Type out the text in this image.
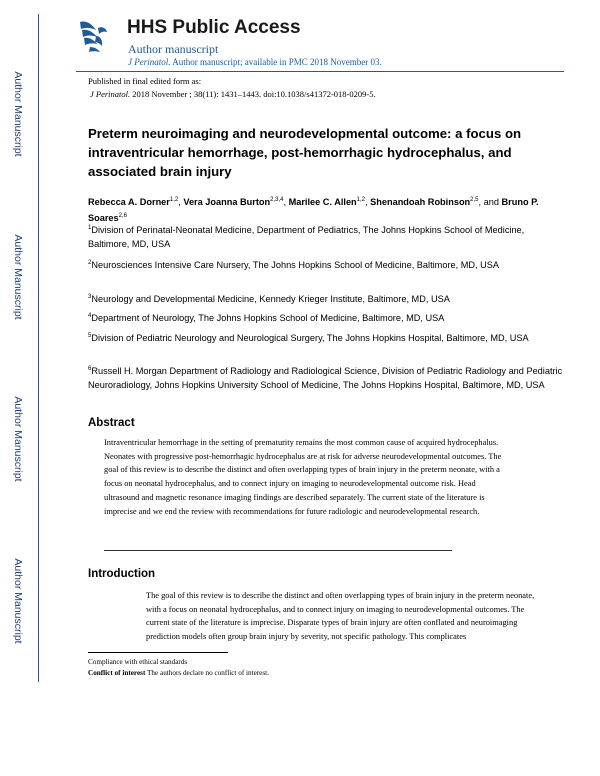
Author Manuscript
Author Manuscript
Author Manuscript
Author Manuscript
HHS Public Access
Author manuscript
J Perinatol. Author manuscript; available in PMC 2018 November 03.
Published in final edited form as:
J Perinatol. 2018 November ; 38(11): 1431–1443. doi:10.1038/s41372-018-0209-5.
Preterm neuroimaging and neurodevelopmental outcome: a focus on intraventricular hemorrhage, post-hemorrhagic hydrocephalus, and associated brain injury
Rebecca A. Dorner$^{1,2}$, Vera Joanna Burton$^{2,3,4}$, Marilee C. Allen$^{1,2}$, Shenandoah Robinson$^{2,5}$, and Bruno P. Soares$^{2,6}$
$^1$Division of Perinatal-Neonatal Medicine, Department of Pediatrics, The Johns Hopkins School of Medicine, Baltimore, MD, USA
$^2$Neurosciences Intensive Care Nursery, The Johns Hopkins School of Medicine, Baltimore, MD, USA
$^3$Neurology and Developmental Medicine, Kennedy Krieger Institute, Baltimore, MD, USA
$^4$Department of Neurology, The Johns Hopkins School of Medicine, Baltimore, MD, USA
$^5$Division of Pediatric Neurology and Neurological Surgery, The Johns Hopkins Hospital, Baltimore, MD, USA
$^6$Russell H. Morgan Department of Radiology and Radiological Science, Division of Pediatric Radiology and Pediatric Neuroradiology, Johns Hopkins University School of Medicine, The Johns Hopkins Hospital, Baltimore, MD, USA
Abstract
Intraventricular hemorrhage in the setting of prematurity remains the most common cause of acquired hydrocephalus. Neonates with progressive post-hemorrhagic hydrocephalus are at risk for adverse neurodevelopmental outcomes. The goal of this review is to describe the distinct and often overlapping types of brain injury in the preterm neonate, with a focus on neonatal hydrocephalus, and to connect injury on imaging to neurodevelopmental outcome risk. Head ultrasound and magnetic resonance imaging findings are described separately. The current state of the literature is imprecise and we end the review with recommendations for future radiologic and neurodevelopmental research.
Introduction
The goal of this review is to describe the distinct and often overlapping types of brain injury in the preterm neonate, with a focus on neonatal hydrocephalus, and to connect injury on imaging to neurodevelopmental outcomes. The current state of the literature is imprecise. Disparate types of brain injury are often conflated and neuroimaging prediction models often group brain injury by severity, not specific pathology. This complicates
Compliance with ethical standards
Conflict of interest The authors declare no conflict of interest.
